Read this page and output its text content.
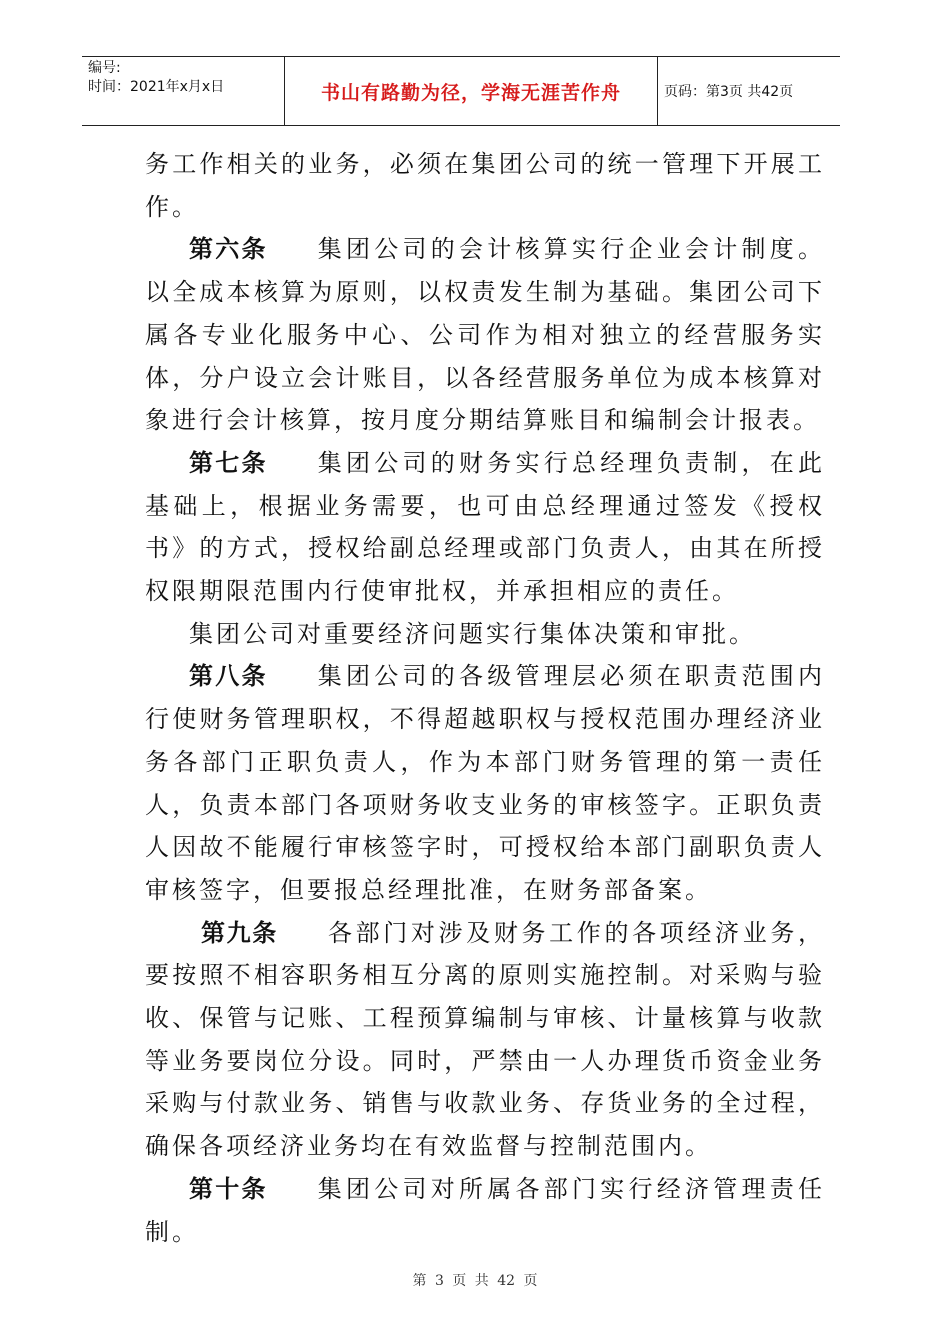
编号:
时间：2021年x月x日	书山有路勤为径，学海无涯苦作舟	页码：第3页 共42页

务工作相关的业务，必须在集团公司的统一管理下开展工作。

第六条 集团公司的会计核算实行企业会计制度。以全成本核算为原则，以权责发生制为基础。集团公司下属各专业化服务中心、公司作为相对独立的经营服务实体，分户设立会计账目，以各经营服务单位为成本核算对象进行会计核算，按月度分期结算账目和编制会计报表。

第七条 集团公司的财务实行总经理负责制，在此基础上，根据业务需要，也可由总经理通过签发《授权书》的方式，授权给副总经理或部门负责人，由其在所授权限期限范围内行使审批权，并承担相应的责任。

集团公司对重要经济问题实行集体决策和审批。

第八条 集团公司的各级管理层必须在职责范围内行使财务管理职权，不得超越职权与授权范围办理经济业务各部门正职负责人，作为本部门财务管理的第一责任人，负责本部门各项财务收支业务的审核签字。正职负责人因故不能履行审核签字时，可授权给本部门副职负责人审核签字，但要报总经理批准，在财务部备案。

第九条 各部门对涉及财务工作的各项经济业务，要按照不相容职务相互分离的原则实施控制。对采购与验收、保管与记账、工程预算编制与审核、计量核算与收款等业务要岗位分设。同时，严禁由一人办理货币资金业务采购与付款业务、销售与收款业务、存货业务的全过程，确保各项经济业务均在有效监督与控制范围内。

第十条 集团公司对所属各部门实行经济管理责任制。

第 3 页 共 42 页
